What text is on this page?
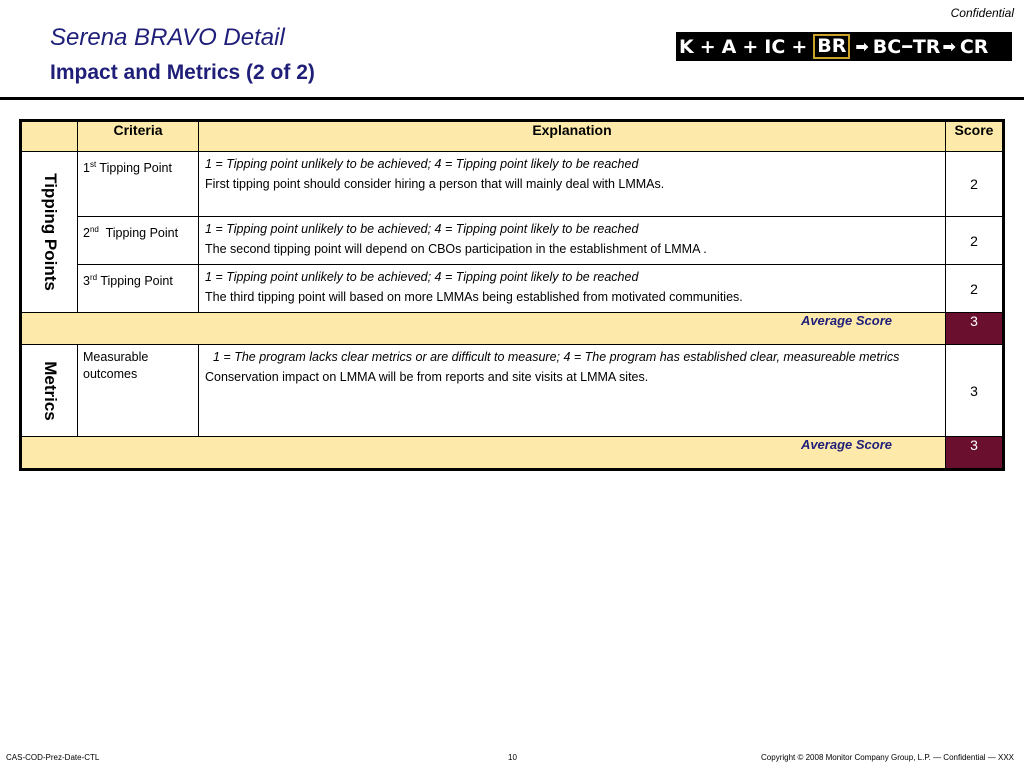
Confidential
Serena BRAVO Detail
Impact and Metrics (2 of 2)
K + A + IC + BR ➡ BC ━ TR ➡ CR
	Criteria	Explanation	Score

Tipping Points	1st Tipping Point	1 = Tipping point unlikely to be achieved; 4 = Tipping point likely to be reached
First tipping point should consider hiring a person that will mainly deal with LMMAs.	2
	2nd  Tipping Point	1 = Tipping point unlikely to be achieved; 4 = Tipping point likely to be reached
The second tipping point will depend on CBOs participation in the establishment of LMMA .	2
	3rd Tipping Point	1 = Tipping point unlikely to be achieved; 4 = Tipping point likely to be reached
The third tipping point will based on more LMMAs being established from motivated communities.	2
Average Score			3

Metrics	Measurable outcomes	1 = The program lacks clear metrics or are difficult to measure; 4 = The program has established clear, measureable metrics
Conservation impact on LMMA will be from reports and site visits at LMMA sites.	3
Average Score			3
CAS-COD-Prez-Date-CTL	10	Copyright © 2008 Monitor Company Group, L.P. — Confidential — XXX
